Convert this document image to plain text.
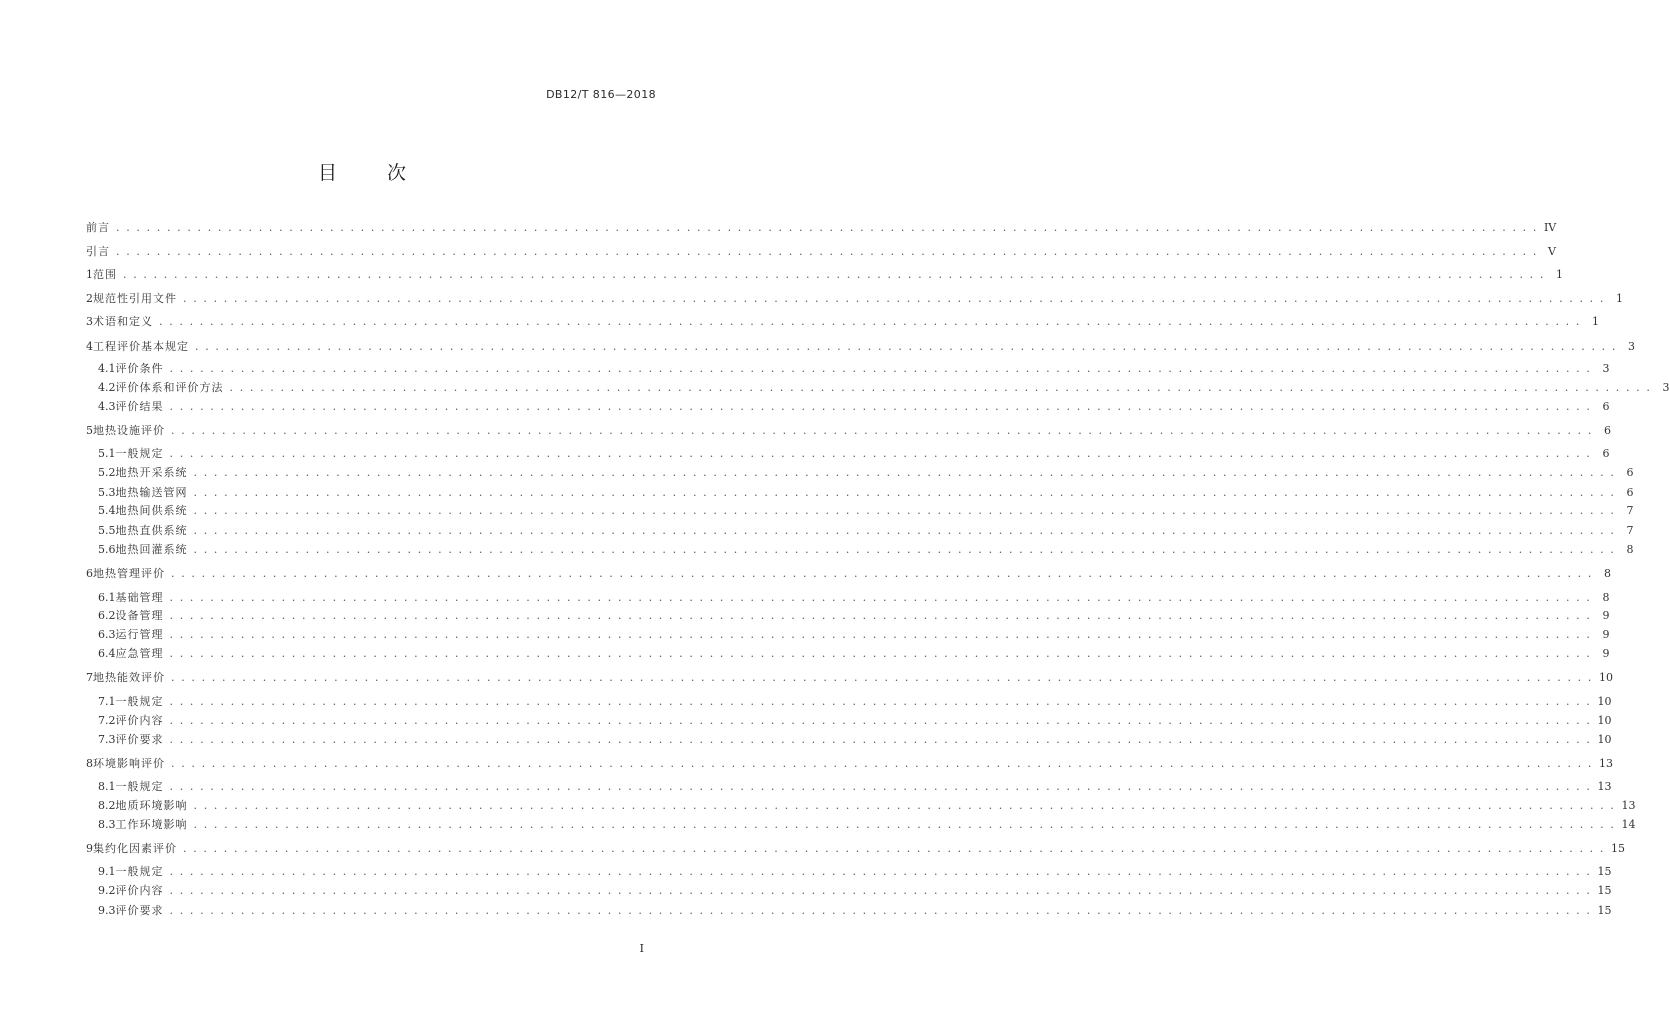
DB12/T 816—2018
目 次
前言 . . . . . . . . . . . . . . . . . . . . . . . . . . . . . . . . . . . . . . . . . . . . . . . . . . . . . . . . . . . . . . . . . . . . . . . . . . . . . . . . . . . . . . . . . . . . . . . . . . . . . . . . . . . . . . . . . . . . . . . . . . . . . . . . . . . . . . . . . . . . IV
引言 . . . . . . . . . . . . . . . . . . . . . . . . . . . . . . . . . . . . . . . . . . . . . . . . . . . . . . . . . . . . . . . . . . . . . . . . . . . . . . . . . . . . . . . . . . . . . . . . . . . . . . . . . . . . . . . . . . . . . . . . . . . . . . . . . . . . . . . . . . . . V
1 范围 . . . . . . . . . . . . . . . . . . . . . . . . . . . . . . . . . . . . . . . . . . . . . . . . . . . . . . . . . . . . . . . . . . . . . . . . . . . . . . . . . . . . . . . . . . . . . . . . . . . . . . . . . . . . . . . . . . . . . . . . . . . . . . . . . . . . . . . . . . . .	1
2 规范性引用文件 . . . . . . . . . . . . . . . . . . . . . . . . . . . . . . . . . . . . . . . . . . . . . . . . . . . . . . . . . . . . . . . . . . . . . . . . . . . . . . . . . . . . . . . . . . . . . . . . . . . . . . . . . . . . . . . . . . . . . . . . . . . . . . . . . . . . . . . . . . . .	1
3 术语和定义 . . . . . . . . . . . . . . . . . . . . . . . . . . . . . . . . . . . . . . . . . . . . . . . . . . . . . . . . . . . . . . . . . . . . . . . . . . . . . . . . . . . . . . . . . . . . . . . . . . . . . . . . . . . . . . . . . . . . . . . . . . . . . . . . . . . . . . . . . . . .	1
4 工程评价基本规定 . . . . . . . . . . . . . . . . . . . . . . . . . . . . . . . . . . . . . . . . . . . . . . . . . . . . . . . . . . . . . . . . . . . . . . . . . . . . . . . . . . . . . . . . . . . . . . . . . . . . . . . . . . . . . . . . . . . . . . . . . . . . . . . . . . . . . . . . . . . .	3
4.1 评价条件 . . . . . . . . . . . . . . . . . . . . . . . . . . . . . . . . . . . . . . . . . . . . . . . . . . . . . . . . . . . . . . . . . . . . . . . . . . . . . . . . . . . . . . . . . . . . . . . . . . . . . . . . . . . . . . . . . . . . . . . . . . . . . . . . . . . . . . . . . . . .	3
4.2 评价体系和评价方法 . . . . . . . . . . . . . . . . . . . . . . . . . . . . . . . . . . . . . . . . . . . . . . . . . . . . . . . . . . . . . . . . . . . . . . . . . . . . . . . . . . . . . . . . . . . . . . . . . . . . . . . . . . . . . . . . . . . . . . . . . . . . . . . . . . . . . . . . . . . .	3
4.3 评价结果 . . . . . . . . . . . . . . . . . . . . . . . . . . . . . . . . . . . . . . . . . . . . . . . . . . . . . . . . . . . . . . . . . . . . . . . . . . . . . . . . . . . . . . . . . . . . . . . . . . . . . . . . . . . . . . . . . . . . . . . . . . . . . . . . . . . . . . . . . . . .	6
5 地热设施评价 . . . . . . . . . . . . . . . . . . . . . . . . . . . . . . . . . . . . . . . . . . . . . . . . . . . . . . . . . . . . . . . . . . . . . . . . . . . . . . . . . . . . . . . . . . . . . . . . . . . . . . . . . . . . . . . . . . . . . . . . . . . . . . . . . . . . . . . . . . . .	6
5.1 一般规定 . . . . . . . . . . . . . . . . . . . . . . . . . . . . . . . . . . . . . . . . . . . . . . . . . . . . . . . . . . . . . . . . . . . . . . . . . . . . . . . . . . . . . . . . . . . . . . . . . . . . . . . . . . . . . . . . . . . . . . . . . . . . . . . . . . . . . . . . . . . .	6
5.2 地热开采系统 . . . . . . . . . . . . . . . . . . . . . . . . . . . . . . . . . . . . . . . . . . . . . . . . . . . . . . . . . . . . . . . . . . . . . . . . . . . . . . . . . . . . . . . . . . . . . . . . . . . . . . . . . . . . . . . . . . . . . . . . . . . . . . . . . . . . . . . . . . . .	6
5.3 地热输送管网 . . . . . . . . . . . . . . . . . . . . . . . . . . . . . . . . . . . . . . . . . . . . . . . . . . . . . . . . . . . . . . . . . . . . . . . . . . . . . . . . . . . . . . . . . . . . . . . . . . . . . . . . . . . . . . . . . . . . . . . . . . . . . . . . . . . . . . . . . . . .	6
5.4 地热间供系统 . . . . . . . . . . . . . . . . . . . . . . . . . . . . . . . . . . . . . . . . . . . . . . . . . . . . . . . . . . . . . . . . . . . . . . . . . . . . . . . . . . . . . . . . . . . . . . . . . . . . . . . . . . . . . . . . . . . . . . . . . . . . . . . . . . . . . . . . . . . .	7
5.5 地热直供系统 . . . . . . . . . . . . . . . . . . . . . . . . . . . . . . . . . . . . . . . . . . . . . . . . . . . . . . . . . . . . . . . . . . . . . . . . . . . . . . . . . . . . . . . . . . . . . . . . . . . . . . . . . . . . . . . . . . . . . . . . . . . . . . . . . . . . . . . . . . . .	7
5.6 地热回灌系统 . . . . . . . . . . . . . . . . . . . . . . . . . . . . . . . . . . . . . . . . . . . . . . . . . . . . . . . . . . . . . . . . . . . . . . . . . . . . . . . . . . . . . . . . . . . . . . . . . . . . . . . . . . . . . . . . . . . . . . . . . . . . . . . . . . . . . . . . . . . .	8
6 地热管理评价 . . . . . . . . . . . . . . . . . . . . . . . . . . . . . . . . . . . . . . . . . . . . . . . . . . . . . . . . . . . . . . . . . . . . . . . . . . . . . . . . . . . . . . . . . . . . . . . . . . . . . . . . . . . . . . . . . . . . . . . . . . . . . . . . . . . . . . . . . . . .	8
6.1 基础管理 . . . . . . . . . . . . . . . . . . . . . . . . . . . . . . . . . . . . . . . . . . . . . . . . . . . . . . . . . . . . . . . . . . . . . . . . . . . . . . . . . . . . . . . . . . . . . . . . . . . . . . . . . . . . . . . . . . . . . . . . . . . . . . . . . . . . . . . . . . . .	8
6.2 设备管理 . . . . . . . . . . . . . . . . . . . . . . . . . . . . . . . . . . . . . . . . . . . . . . . . . . . . . . . . . . . . . . . . . . . . . . . . . . . . . . . . . . . . . . . . . . . . . . . . . . . . . . . . . . . . . . . . . . . . . . . . . . . . . . . . . . . . . . . . . . . .	9
6.3 运行管理 . . . . . . . . . . . . . . . . . . . . . . . . . . . . . . . . . . . . . . . . . . . . . . . . . . . . . . . . . . . . . . . . . . . . . . . . . . . . . . . . . . . . . . . . . . . . . . . . . . . . . . . . . . . . . . . . . . . . . . . . . . . . . . . . . . . . . . . . . . . .	9
6.4 应急管理 . . . . . . . . . . . . . . . . . . . . . . . . . . . . . . . . . . . . . . . . . . . . . . . . . . . . . . . . . . . . . . . . . . . . . . . . . . . . . . . . . . . . . . . . . . . . . . . . . . . . . . . . . . . . . . . . . . . . . . . . . . . . . . . . . . . . . . . . . . . .	9
7 地热能效评价 . . . . . . . . . . . . . . . . . . . . . . . . . . . . . . . . . . . . . . . . . . . . . . . . . . . . . . . . . . . . . . . . . . . . . . . . . . . . . . . . . . . . . . . . . . . . . . . . . . . . . . . . . . . . . . . . . . . . . . . . . . . . . . . . . . . . . . . . . . . . 10
7.1 一般规定 . . . . . . . . . . . . . . . . . . . . . . . . . . . . . . . . . . . . . . . . . . . . . . . . . . . . . . . . . . . . . . . . . . . . . . . . . . . . . . . . . . . . . . . . . . . . . . . . . . . . . . . . . . . . . . . . . . . . . . . . . . . . . . . . . . . . . . . . . . . . 10
7.2 评价内容 . . . . . . . . . . . . . . . . . . . . . . . . . . . . . . . . . . . . . . . . . . . . . . . . . . . . . . . . . . . . . . . . . . . . . . . . . . . . . . . . . . . . . . . . . . . . . . . . . . . . . . . . . . . . . . . . . . . . . . . . . . . . . . . . . . . . . . . . . . . . 10
7.3 评价要求 . . . . . . . . . . . . . . . . . . . . . . . . . . . . . . . . . . . . . . . . . . . . . . . . . . . . . . . . . . . . . . . . . . . . . . . . . . . . . . . . . . . . . . . . . . . . . . . . . . . . . . . . . . . . . . . . . . . . . . . . . . . . . . . . . . . . . . . . . . . . 10
8 环境影响评价 . . . . . . . . . . . . . . . . . . . . . . . . . . . . . . . . . . . . . . . . . . . . . . . . . . . . . . . . . . . . . . . . . . . . . . . . . . . . . . . . . . . . . . . . . . . . . . . . . . . . . . . . . . . . . . . . . . . . . . . . . . . . . . . . . . . . . . . . . . . . 13
8.1 一般规定 . . . . . . . . . . . . . . . . . . . . . . . . . . . . . . . . . . . . . . . . . . . . . . . . . . . . . . . . . . . . . . . . . . . . . . . . . . . . . . . . . . . . . . . . . . . . . . . . . . . . . . . . . . . . . . . . . . . . . . . . . . . . . . . . . . . . . . . . . . . . 13
8.2 地质环境影响 . . . . . . . . . . . . . . . . . . . . . . . . . . . . . . . . . . . . . . . . . . . . . . . . . . . . . . . . . . . . . . . . . . . . . . . . . . . . . . . . . . . . . . . . . . . . . . . . . . . . . . . . . . . . . . . . . . . . . . . . . . . . . . . . . . . . . . . . . . . . 13
8.3 工作环境影响 . . . . . . . . . . . . . . . . . . . . . . . . . . . . . . . . . . . . . . . . . . . . . . . . . . . . . . . . . . . . . . . . . . . . . . . . . . . . . . . . . . . . . . . . . . . . . . . . . . . . . . . . . . . . . . . . . . . . . . . . . . . . . . . . . . . . . . . . . . . . 14
9 集约化因素评价 . . . . . . . . . . . . . . . . . . . . . . . . . . . . . . . . . . . . . . . . . . . . . . . . . . . . . . . . . . . . . . . . . . . . . . . . . . . . . . . . . . . . . . . . . . . . . . . . . . . . . . . . . . . . . . . . . . . . . . . . . . . . . . . . . . . . . . . . . . . . 15
9.1 一般规定 . . . . . . . . . . . . . . . . . . . . . . . . . . . . . . . . . . . . . . . . . . . . . . . . . . . . . . . . . . . . . . . . . . . . . . . . . . . . . . . . . . . . . . . . . . . . . . . . . . . . . . . . . . . . . . . . . . . . . . . . . . . . . . . . . . . . . . . . . . . . 15
9.2 评价内容 . . . . . . . . . . . . . . . . . . . . . . . . . . . . . . . . . . . . . . . . . . . . . . . . . . . . . . . . . . . . . . . . . . . . . . . . . . . . . . . . . . . . . . . . . . . . . . . . . . . . . . . . . . . . . . . . . . . . . . . . . . . . . . . . . . . . . . . . . . . . 15
9.3 评价要求 . . . . . . . . . . . . . . . . . . . . . . . . . . . . . . . . . . . . . . . . . . . . . . . . . . . . . . . . . . . . . . . . . . . . . . . . . . . . . . . . . . . . . . . . . . . . . . . . . . . . . . . . . . . . . . . . . . . . . . . . . . . . . . . . . . . . . . . . . . . . 15
I
